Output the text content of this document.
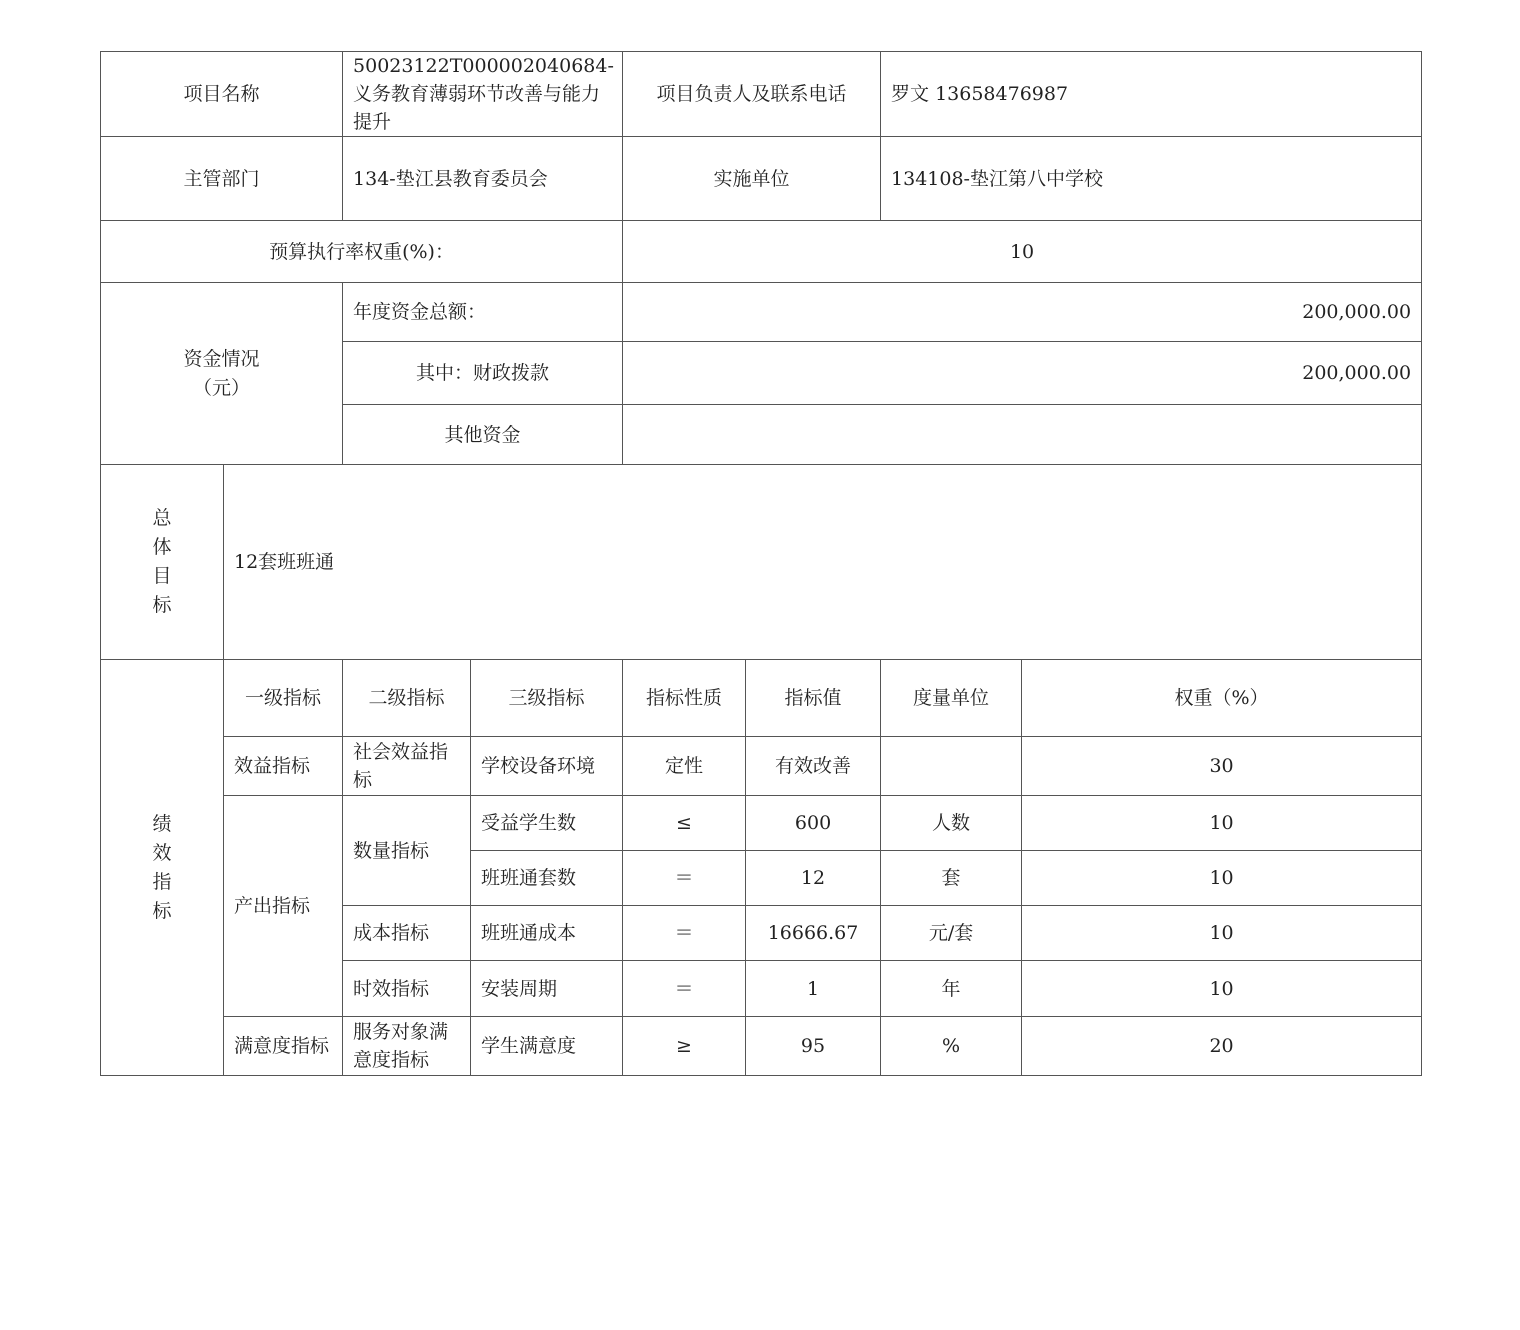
项目名称		50023122T000002040684-义务教育薄弱环节改善与能力提升		项目负责人及联系电话		罗文 13658476987	
主管部门		134-垫江县教育委员会		实施单位		134108-垫江第八中学校	
预算执行率权重(%)：				10			

资金情况（元）		年度资金总额：		200,000.00			
		其中：财政拨款		200,000.00			
		其他资金					

总体目标	12套班班通						

绩效指标	一级指标	二级指标	三级指标	指标性质	指标值	度量单位	权重（%）
	效益指标	社会效益指标	学校设备环境	定性	有效改善		30
	产出指标	数量指标	受益学生数	≤	600	人数	10
			班班通套数	＝	12	套	10
		成本指标	班班通成本	＝	16666.67	元/套	10
		时效指标	安装周期	＝	1	年	10
	满意度指标	服务对象满意度指标	学生满意度	≥	95	%	20
